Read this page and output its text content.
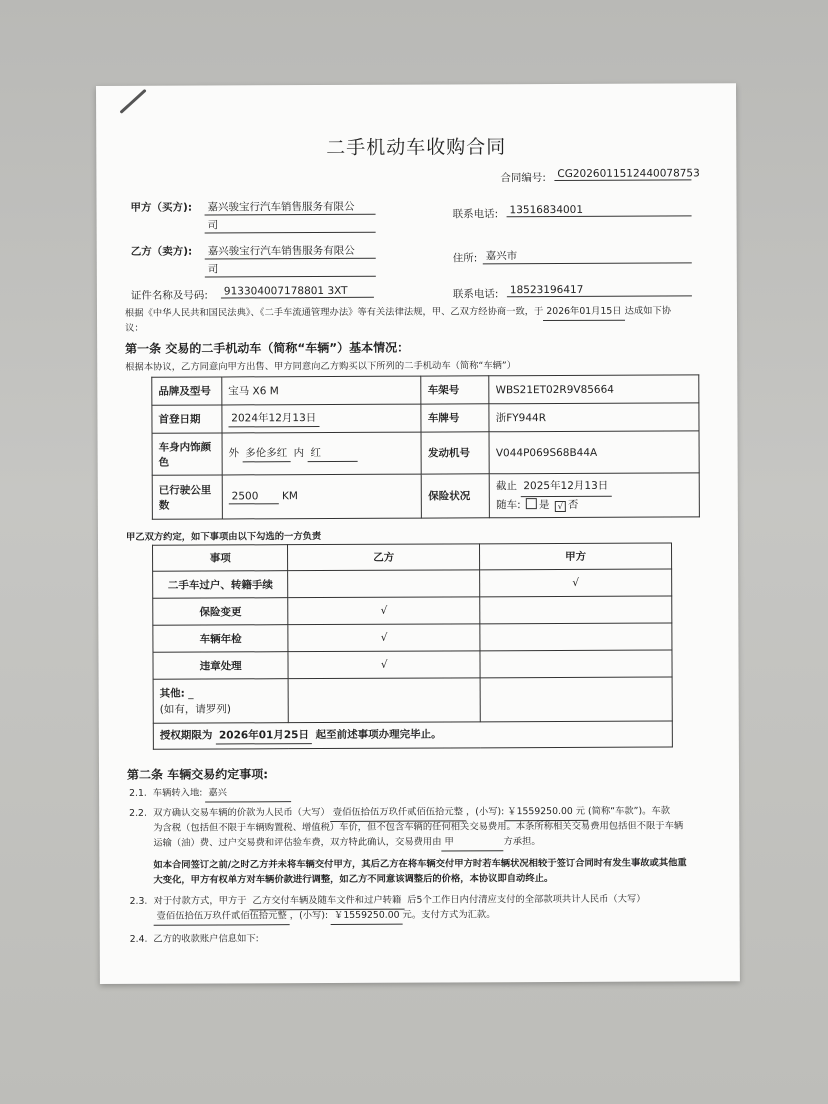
二手机动车收购合同
合同编号: CG2026011512440078753
甲方（买方): 嘉兴骏宝行汽车销售服务有限公
司
联系电话: 13516834001
乙方（卖方): 嘉兴骏宝行汽车销售服务有限公
司
住所: 嘉兴市
证件名称及号码: 913304007178801 3XT	联系电话: 18523196417
根据《中华人民共和国民法典》、《二手车流通管理办法》等有关法律法规，甲、乙双方经协商一致，于 2026年01月15日 达成如下协
议：
第一条 交易的二手机动车（简称“车辆”）基本情况：
根据本协议，乙方同意向甲方出售、甲方同意向乙方购买以下所列的二手机动车（简称“车辆”）
品牌及型号	宝马 X6 M	车架号	WBS21ET02R9V85664
首登日期	2024年12月13日	车牌号	浙FY944R
车身内饰颜色	外 多伦多红 内 红	发动机号	V044P069S68B44A
已行驶公里数	2500 KM	保险状况	截止 2025年12月13日
随车: 是 √ 否
甲乙双方约定，如下事项由以下勾选的一方负责
事项	乙方	甲方
二手车过户、转籍手续		√
保险变更	√	
车辆年检	√	
违章处理	√	
其他: _
(如有，请罗列)		
授权期限为 2026年01月25日 起至前述事项办理完毕止。		
第二条 车辆交易约定事项:
2.1. 车辆转入地: 嘉兴
2.2. 双方确认交易车辆的价款为人民币（大写） 壹佰伍拾伍万玖仟贰佰伍拾元整 ，(小写): ￥1559250.00 元 (简称“车款”)。车款
为含税（包括但不限于车辆购置税、增值税）车价，但不包含车辆的任何相关交易费用。本条所称相关交易费用包括但不限于车辆
运输（油）费、过户交易费和评估验车费，双方特此确认，交易费用由 甲	方承担。
如本合同签订之前/之时乙方并未将车辆交付甲方，其后乙方在将车辆交付甲方时若车辆状况相较于签订合同时有发生事故或其他重
大变化，甲方有权单方对车辆价款进行调整，如乙方不同意该调整后的价格，本协议即自动终止。
2.3. 对于付款方式，甲方于 乙方交付车辆及随车文件和过户转籍 后5个工作日内付清应支付的全部款项共计人民币（大写）
壹佰伍拾伍万玖仟贰佰伍拾元整 ，(小写): ￥1559250.00 元。支付方式为汇款。
2.4. 乙方的收款账户信息如下:
